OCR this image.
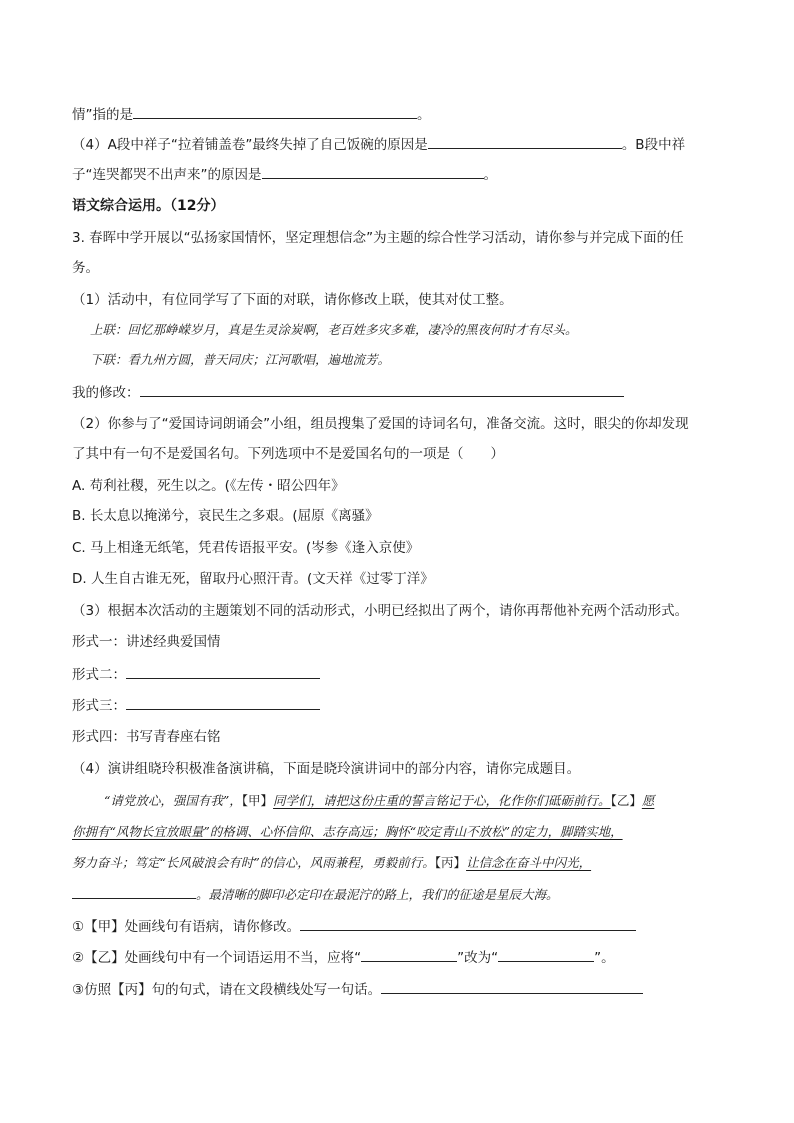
情”指的是	。
（4）A段中祥子“拉着铺盖卷”最终失掉了自己饭碗的原因是	。B段中祥
子“连哭都哭不出声来”的原因是	。
语文综合运用。（12分）
3. 春晖中学开展以“弘扬家国情怀，坚定理想信念”为主题的综合性学习活动，请你参与并完成下面的任
务。
（1）活动中，有位同学写了下面的对联，请你修改上联，使其对仗工整。
上联：回忆那峥嵘岁月，真是生灵涂炭啊，老百姓多灾多难，凄冷的黑夜何时才有尽头。
下联：看九州方圆，普天同庆；江河歌唱，遍地流芳。
我的修改：
（2）你参与了“爱国诗词朗诵会”小组，组员搜集了爱国的诗词名句，准备交流。这时，眼尖的你却发现
了其中有一句不是爱国名句。下列选项中不是爱国名句的一项是（　　）
A. 苟利社稷，死生以之。(《左传・昭公四年》
B. 长太息以掩涕兮，哀民生之多艰。(屈原《离骚》
C. 马上相逢无纸笔，凭君传语报平安。(岑参《逢入京使》
D. 人生自古谁无死，留取丹心照汗青。(文天祥《过零丁洋》
（3）根据本次活动的主题策划不同的活动形式，小明已经拟出了两个，请你再帮他补充两个活动形式。
形式一：讲述经典爱国情
形式二：
形式三：
形式四：书写青春座右铭
（4）演讲组晓玲积极准备演讲稿，下面是晓玲演讲词中的部分内容，请你完成题目。
“请党放心，强国有我”，【甲】同学们，请把这份庄重的誓言铭记于心，化作你们砥砺前行。【乙】愿
你拥有“风物长宜放眼量”的格调、心怀信仰、志存高远；胸怀“咬定青山不放松”的定力，脚踏实地，
努力奋斗；笃定“长风破浪会有时”的信心，风雨兼程，勇毅前行。【丙】让信念在奋斗中闪光，
。最清晰的脚印必定印在最泥泞的路上，我们的征途是星辰大海。
①【甲】处画线句有语病，请你修改。
②【乙】处画线句中有一个词语运用不当，应将“	”改为“	”。
③仿照【丙】句的句式，请在文段横线处写一句话。
